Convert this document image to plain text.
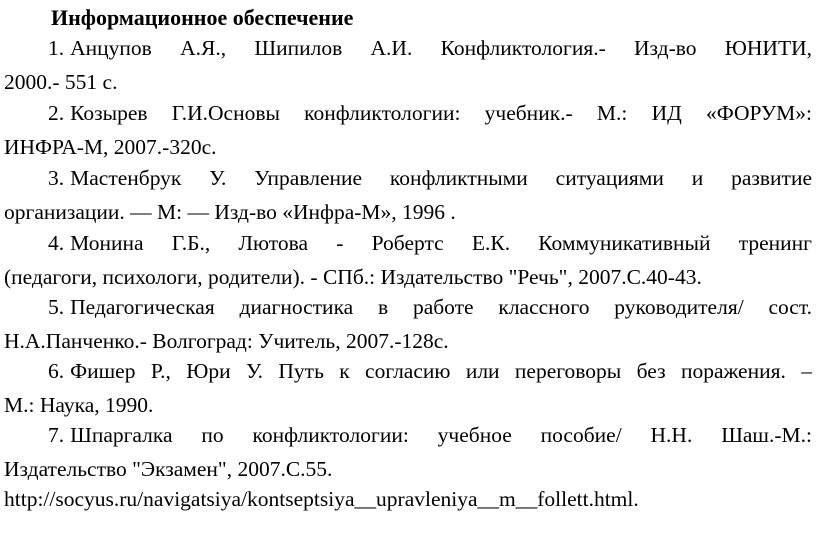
Информационное обеспечение
1. Анцупов А.Я., Шипилов А.И. Конфликтология.- Изд-во ЮНИТИ,
2000.- 551 с.
2. Козырев Г.И.Основы конфликтологии: учебник.- М.: ИД «ФОРУМ»:
ИНФРА-М, 2007.-320с.
3. Мастенбрук У. Управление конфликтными ситуациями и развитие
организации. — М: — Изд-во «Инфра-М», 1996 .
4. Монина Г.Б., Лютова - Робертс Е.К. Коммуникативный тренинг
(педагоги, психологи, родители). - СПб.: Издательство "Речь", 2007.С.40-43.
5. Педагогическая диагностика в работе классного руководителя/ сост.
Н.А.Панченко.- Волгоград: Учитель, 2007.-128с.
6. Фишер Р., Юри У. Путь к согласию или переговоры без поражения. –
М.: Наука, 1990.
7. Шпаргалка по конфликтологии: учебное пособие/ Н.Н. Шаш.-М.:
Издательство "Экзамен", 2007.С.55.
http://socyus.ru/navigatsiya/kontseptsiya__upravleniya__m__follett.html.
